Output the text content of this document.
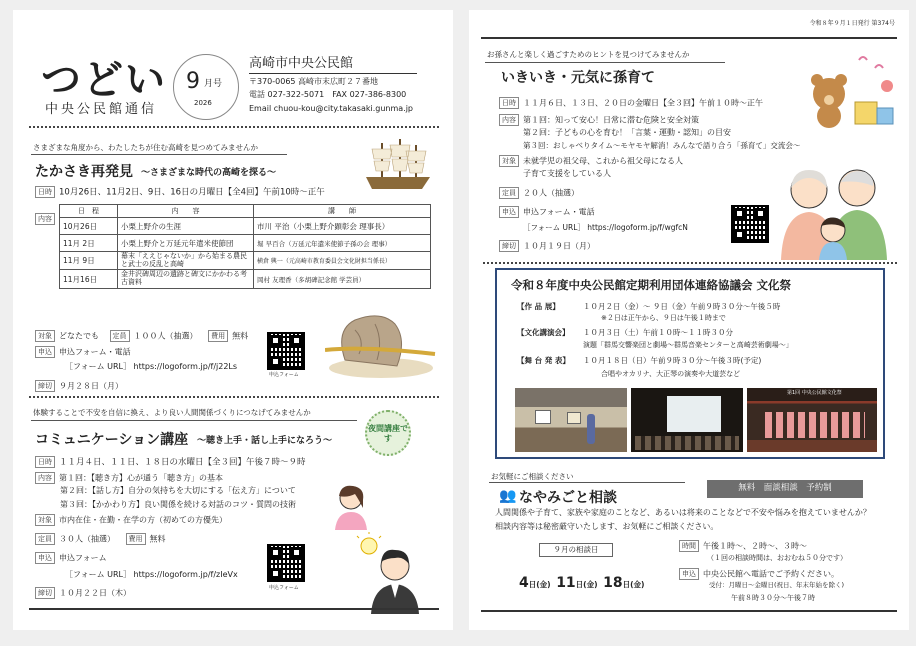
つどい
中央公民館通信
9 月号
2026
高崎市中央公民館
〒370-0065 高崎市末広町２７番地
電話 027-322-5071　FAX 027-386-8300
Email chuou-kou@city.takasaki.gunma.jp
さまざまな角度から、わたしたちが住む高崎を見つめてみませんか
たかさき再発見 ～さまざまな時代の高崎を探る～
日時 10月26日、11月2日、9日、16日の月曜日【全4回】午前10時～正午
内容
日　程	内　　容	講　　師
10月26日	小栗上野介の生涯	市川 平治（小栗上野介顕彰会 理事長）
11月 2日	小栗上野介と万延元年遣米使節団	堀 早百合（万延元年遣米使節子孫の会 理事）
11月 9日	幕末「ええじゃないか」から始まる農民と武士の反乱と高崎	横倉 興一（元高崎市教育委員会文化財担当係長）
11月16日	金井沢碑周辺の遺跡と碑文にかかわる考古資料	岡村 友理香（多胡碑記念館 学芸員）
対象 どなたでも 定員 １００人（抽選） 費用 無料
申込 申込フォーム・電話
［フォーム URL］ https://logoform.jp/f/j22Ls
締切 ９月２８日（月）
申込フォーム
体験することで不安を自信に換え、より良い人間関係づくりにつなげてみませんか
コミュニケーション講座 ～聴き上手・話し上手になろう～
夜間講座です
日時 １１月４日、１１日、１８日の水曜日【全３回】午後７時～９時
内容 第１回：【聴き方】心が通う「聴き方」の基本
第２回：【話し方】自分の気持ちを大切にする「伝え方」について
第３回：【かかわり方】良い関係を続ける対話のコツ・質問の技術
対象 市内在住・在勤・在学の方（初めての方優先）
定員 ３０人（抽選） 費用 無料
申込 申込フォーム
［フォーム URL］ https://logoform.jp/f/zIeVx
締切 １０月２２日（木）
申込フォーム
令和８年９月１日発行 第374号
お孫さんと楽しく過ごすためのヒントを見つけてみませんか
いきいき・元気に孫育て
日時 １１月６日、１３日、２０日の金曜日【全３回】午前１０時～正午
内容 第１回：知って安心！日常に潜む危険と安全対策
第２回：子どもの心を育む！「言葉・運動・認知」の目安
第３回：おしゃべりタイム～モヤモヤ解消！みんなで語り合う「孫育て」交流会～
対象 未就学児の祖父母、これから祖父母になる人
子育て支援をしている人
定員 ２０人（抽選）
申込 申込フォーム・電話
［フォーム URL］ https://logoform.jp/f/wgfcN
締切 １０月１９日（月）
令和８年度中央公民館定期利用団体連絡協議会 文化祭
【作 品 展】	１０月２日（金）～ ９日（金）午前９時３０分～午後５時
※２日は正午から、９日は午後１時まで
【文化講演会】 １０月３日（土）午前１０時～１１時３０分
演題「群馬交響楽団と劇場～群馬音楽センターと高崎芸術劇場～」
【舞 台 発 表】 １０月１８日（日）午前９時３０分～午後３時(予定)
合唱やオカリナ、大正琴の演奏や大道芸など
第1回 中央公民館文化祭
お気軽にご相談ください
👥 なやみごと相談
無料　面談相談　予約制
人間関係や子育て、家族や家庭のことなど、あるいは将来のことなどで不安や悩みを抱えていませんか？
相談内容等は秘密厳守いたします、お気軽にご相談ください。
９月の相談日
4日(金) 11日(金) 18日(金)
時間 午後１時～、２時～、３時～
（１回の相談時間は、おおむね５０分です）
申込 中央公民館へ電話でご予約ください。
受付：月曜日～金曜日(祝日、年末年始を除く)
午前８時３０分～午後７時
